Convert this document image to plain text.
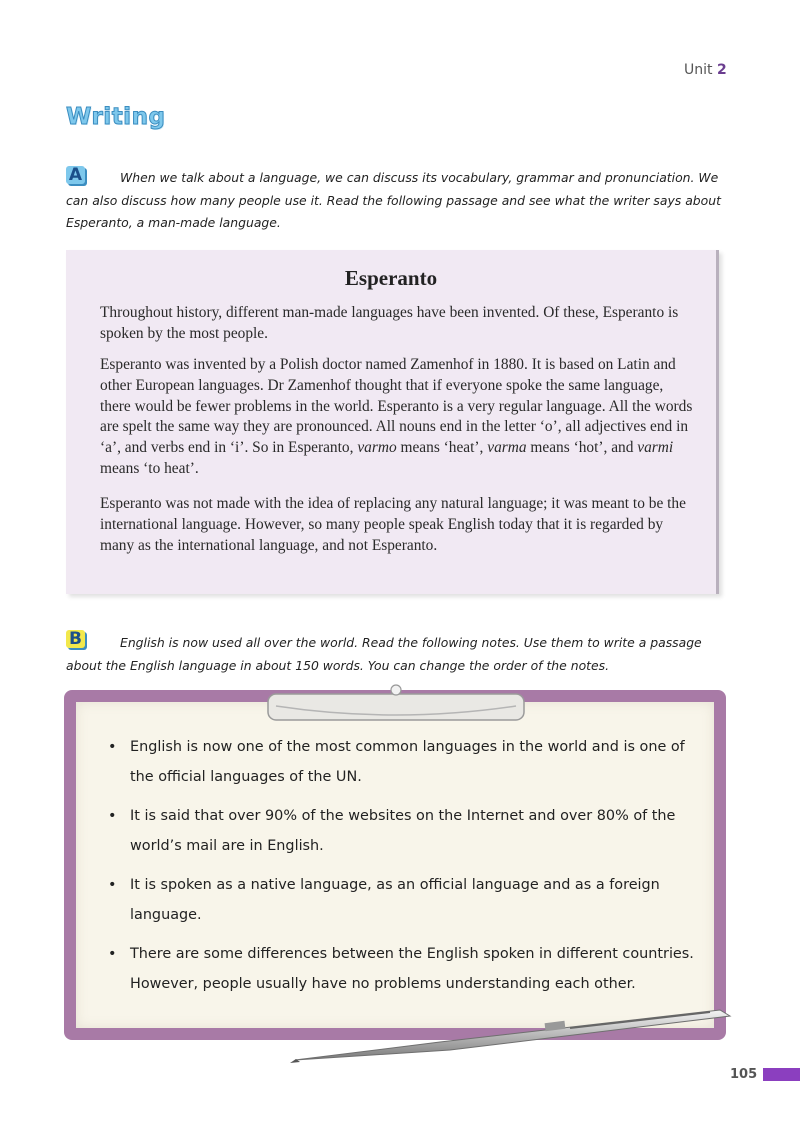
Unit 2
Writing
A	When we talk about a language, we can discuss its vocabulary, grammar and pronunciation. We can also discuss how many people use it. Read the following passage and see what the writer says about Esperanto, a man-made language.

Esperanto

Throughout history, different man-made languages have been invented. Of these, Esperanto is spoken by the most people.

Esperanto was invented by a Polish doctor named Zamenhof in 1880. It is based on Latin and other European languages. Dr Zamenhof thought that if everyone spoke the same language, there would be fewer problems in the world. Esperanto is a very regular language. All the words are spelt the same way they are pronounced. All nouns end in the letter ‘o’, all adjectives end in ‘a’, and verbs end in ‘i’. So in Esperanto, varmo means ‘heat’, varma means ‘hot’, and varmi means ‘to heat’.

Esperanto was not made with the idea of replacing any natural language; it was meant to be the international language. However, so many people speak English today that it is regarded by many as the international language, and not Esperanto.

B	English is now used all over the world. Read the following notes. Use them to write a passage about the English language in about 150 words. You can change the order of the notes.

• English is now one of the most common languages in the world and is one of the official languages of the UN.
• It is said that over 90% of the websites on the Internet and over 80% of the world’s mail are in English.
• It is spoken as a native language, as an official language and as a foreign language.
• There are some differences between the English spoken in different countries. However, people usually have no problems understanding each other.
105
